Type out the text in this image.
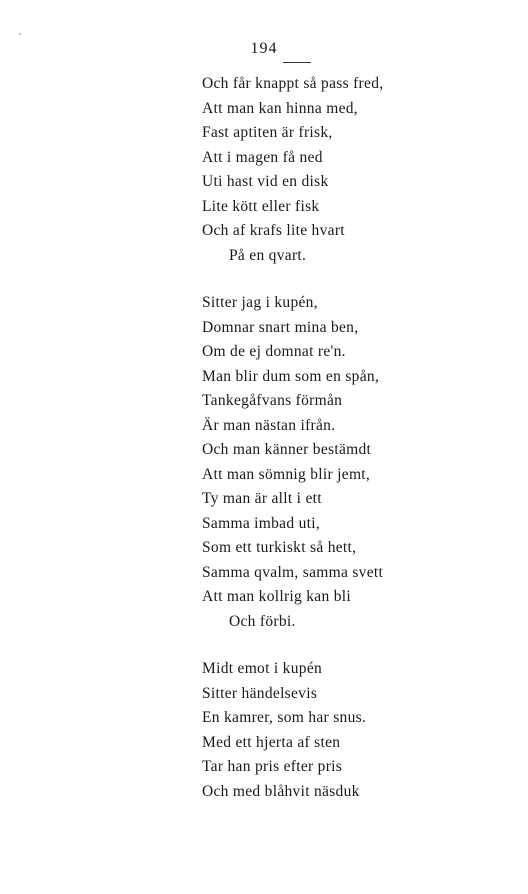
194
Och får knappt så pass fred,
Att man kan hinna med,
Fast aptiten är frisk,
Att i magen få ned
Uti hast vid en disk
Lite kött eller fisk
Och af krafs lite hvart
På en qvart.
Sitter jag i kupén,
Domnar snart mina ben,
Om de ej domnat re'n.
Man blir dum som en spån,
Tankegåfvans förmån
Är man nästan ifrån.
Och man känner bestämdt
Att man sömnig blir jemt,
Ty man är allt i ett
Samma imbad uti,
Som ett turkiskt så hett,
Samma qvalm, samma svett
Att man kollrig kan bli
Och förbi.
Midt emot i kupén
Sitter händelsevis
En kamrer, som har snus.
Med ett hjerta af sten
Tar han pris efter pris
Och med blåhvit näsduk
